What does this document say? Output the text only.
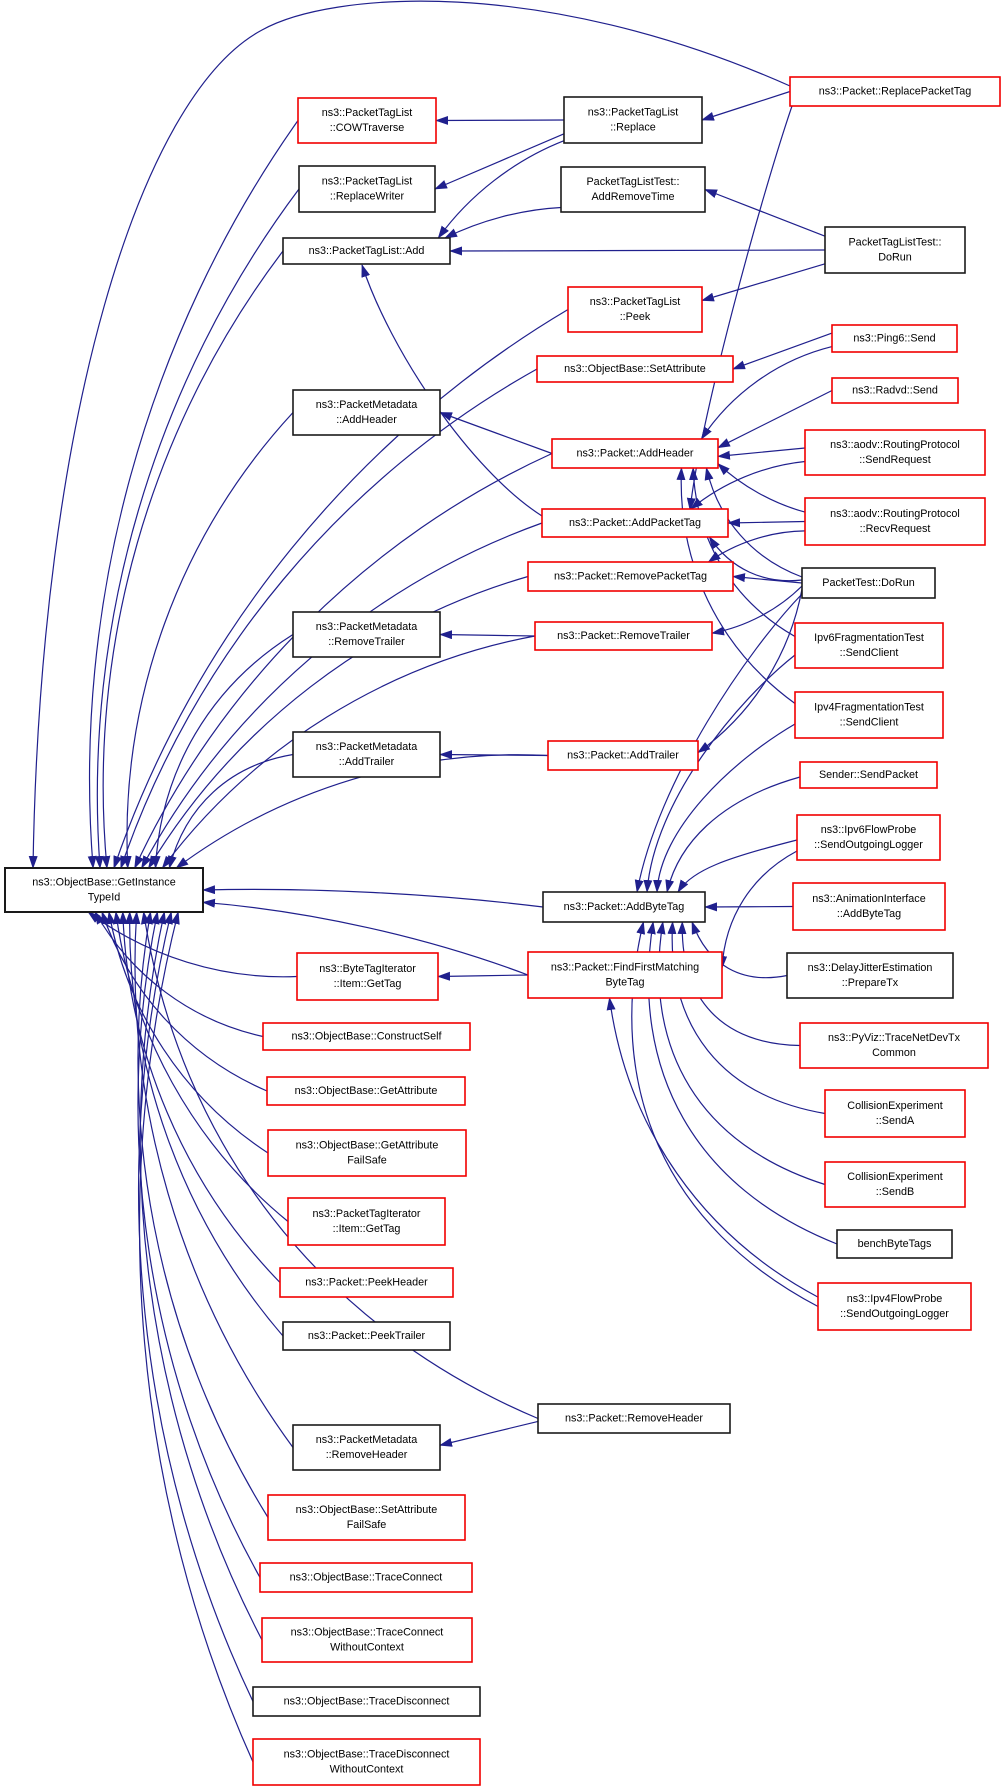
ns3::ObjectBase::GetInstance
TypeId
ns3::PacketTagList
::COWTraverse
ns3::PacketTagList
::ReplaceWriter
ns3::PacketTagList::Add
ns3::PacketMetadata
::AddHeader
ns3::PacketMetadata
::RemoveTrailer
ns3::PacketMetadata
::AddTrailer
ns3::ByteTagIterator
::Item::GetTag
ns3::ObjectBase::ConstructSelf
ns3::ObjectBase::GetAttribute
ns3::ObjectBase::GetAttribute
FailSafe
ns3::PacketTagIterator
::Item::GetTag
ns3::Packet::PeekHeader
ns3::Packet::PeekTrailer
ns3::PacketMetadata
::RemoveHeader
ns3::ObjectBase::SetAttribute
FailSafe
ns3::ObjectBase::TraceConnect
ns3::ObjectBase::TraceConnect
WithoutContext
ns3::ObjectBase::TraceDisconnect
ns3::ObjectBase::TraceDisconnect
WithoutContext
ns3::PacketTagList
::Replace
PacketTagListTest::
AddRemoveTime
ns3::PacketTagList
::Peek
ns3::ObjectBase::SetAttribute
ns3::Packet::AddHeader
ns3::Packet::AddPacketTag
ns3::Packet::RemovePacketTag
ns3::Packet::RemoveTrailer
ns3::Packet::AddTrailer
ns3::Packet::AddByteTag
ns3::Packet::FindFirstMatching
ByteTag
ns3::Packet::RemoveHeader
ns3::Packet::ReplacePacketTag
PacketTagListTest::
DoRun
ns3::Ping6::Send
ns3::Radvd::Send
ns3::aodv::RoutingProtocol
::SendRequest
ns3::aodv::RoutingProtocol
::RecvRequest
PacketTest::DoRun
Ipv6FragmentationTest
::SendClient
Ipv4FragmentationTest
::SendClient
Sender::SendPacket
ns3::Ipv6FlowProbe
::SendOutgoingLogger
ns3::AnimationInterface
::AddByteTag
ns3::DelayJitterEstimation
::PrepareTx
ns3::PyViz::TraceNetDevTx
Common
CollisionExperiment
::SendA
CollisionExperiment
::SendB
benchByteTags
ns3::Ipv4FlowProbe
::SendOutgoingLogger
